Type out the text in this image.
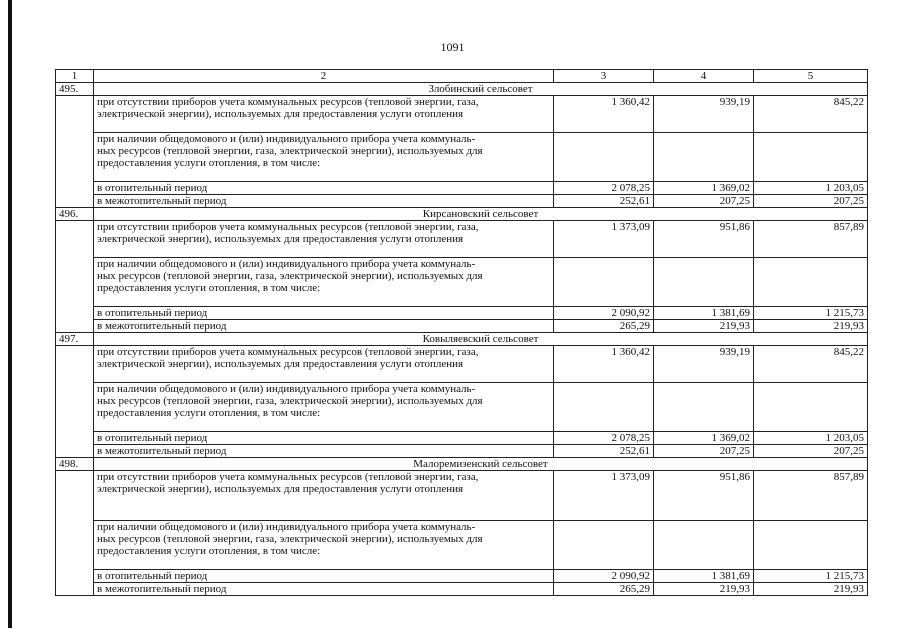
1091
1	2	3	4	5
495.	Злобинский сельсовет			
	при отсутствии приборов учета коммунальных ресурсов (тепловой энергии, газа,
электрической энергии), используемых для предоставления услуги отопления	1 360,42	939,19	845,22
	при наличии общедомового и (или) индивидуального прибора учета коммуналь-
ных ресурсов (тепловой энергии, газа, электрической энергии), используемых для
предоставления услуги отопления, в том числе:			
	в отопительный период	2 078,25	1 369,02	1 203,05
	в межотопительный период	252,61	207,25	207,25
496.	Кирсановский сельсовет			
	при отсутствии приборов учета коммунальных ресурсов (тепловой энергии, газа,
электрической энергии), используемых для предоставления услуги отопления	1 373,09	951,86	857,89
	при наличии общедомового и (или) индивидуального прибора учета коммуналь-
ных ресурсов (тепловой энергии, газа, электрической энергии), используемых для
предоставления услуги отопления, в том числе:			
	в отопительный период	2 090,92	1 381,69	1 215,73
	в межотопительный период	265,29	219,93	219,93
497.	Ковыляевский сельсовет			
	при отсутствии приборов учета коммунальных ресурсов (тепловой энергии, газа,
электрической энергии), используемых для предоставления услуги отопления	1 360,42	939,19	845,22
	при наличии общедомового и (или) индивидуального прибора учета коммуналь-
ных ресурсов (тепловой энергии, газа, электрической энергии), используемых для
предоставления услуги отопления, в том числе:			
	в отопительный период	2 078,25	1 369,02	1 203,05
	в межотопительный период	252,61	207,25	207,25
498.	Малоремизенский сельсовет			
	при отсутствии приборов учета коммунальных ресурсов (тепловой энергии, газа,
электрической энергии), используемых для предоставления услуги отопления	1 373,09	951,86	857,89
	при наличии общедомового и (или) индивидуального прибора учета коммуналь-
ных ресурсов (тепловой энергии, газа, электрической энергии), используемых для
предоставления услуги отопления, в том числе:			
	в отопительный период	2 090,92	1 381,69	1 215,73
	в межотопительный период	265,29	219,93	219,93
